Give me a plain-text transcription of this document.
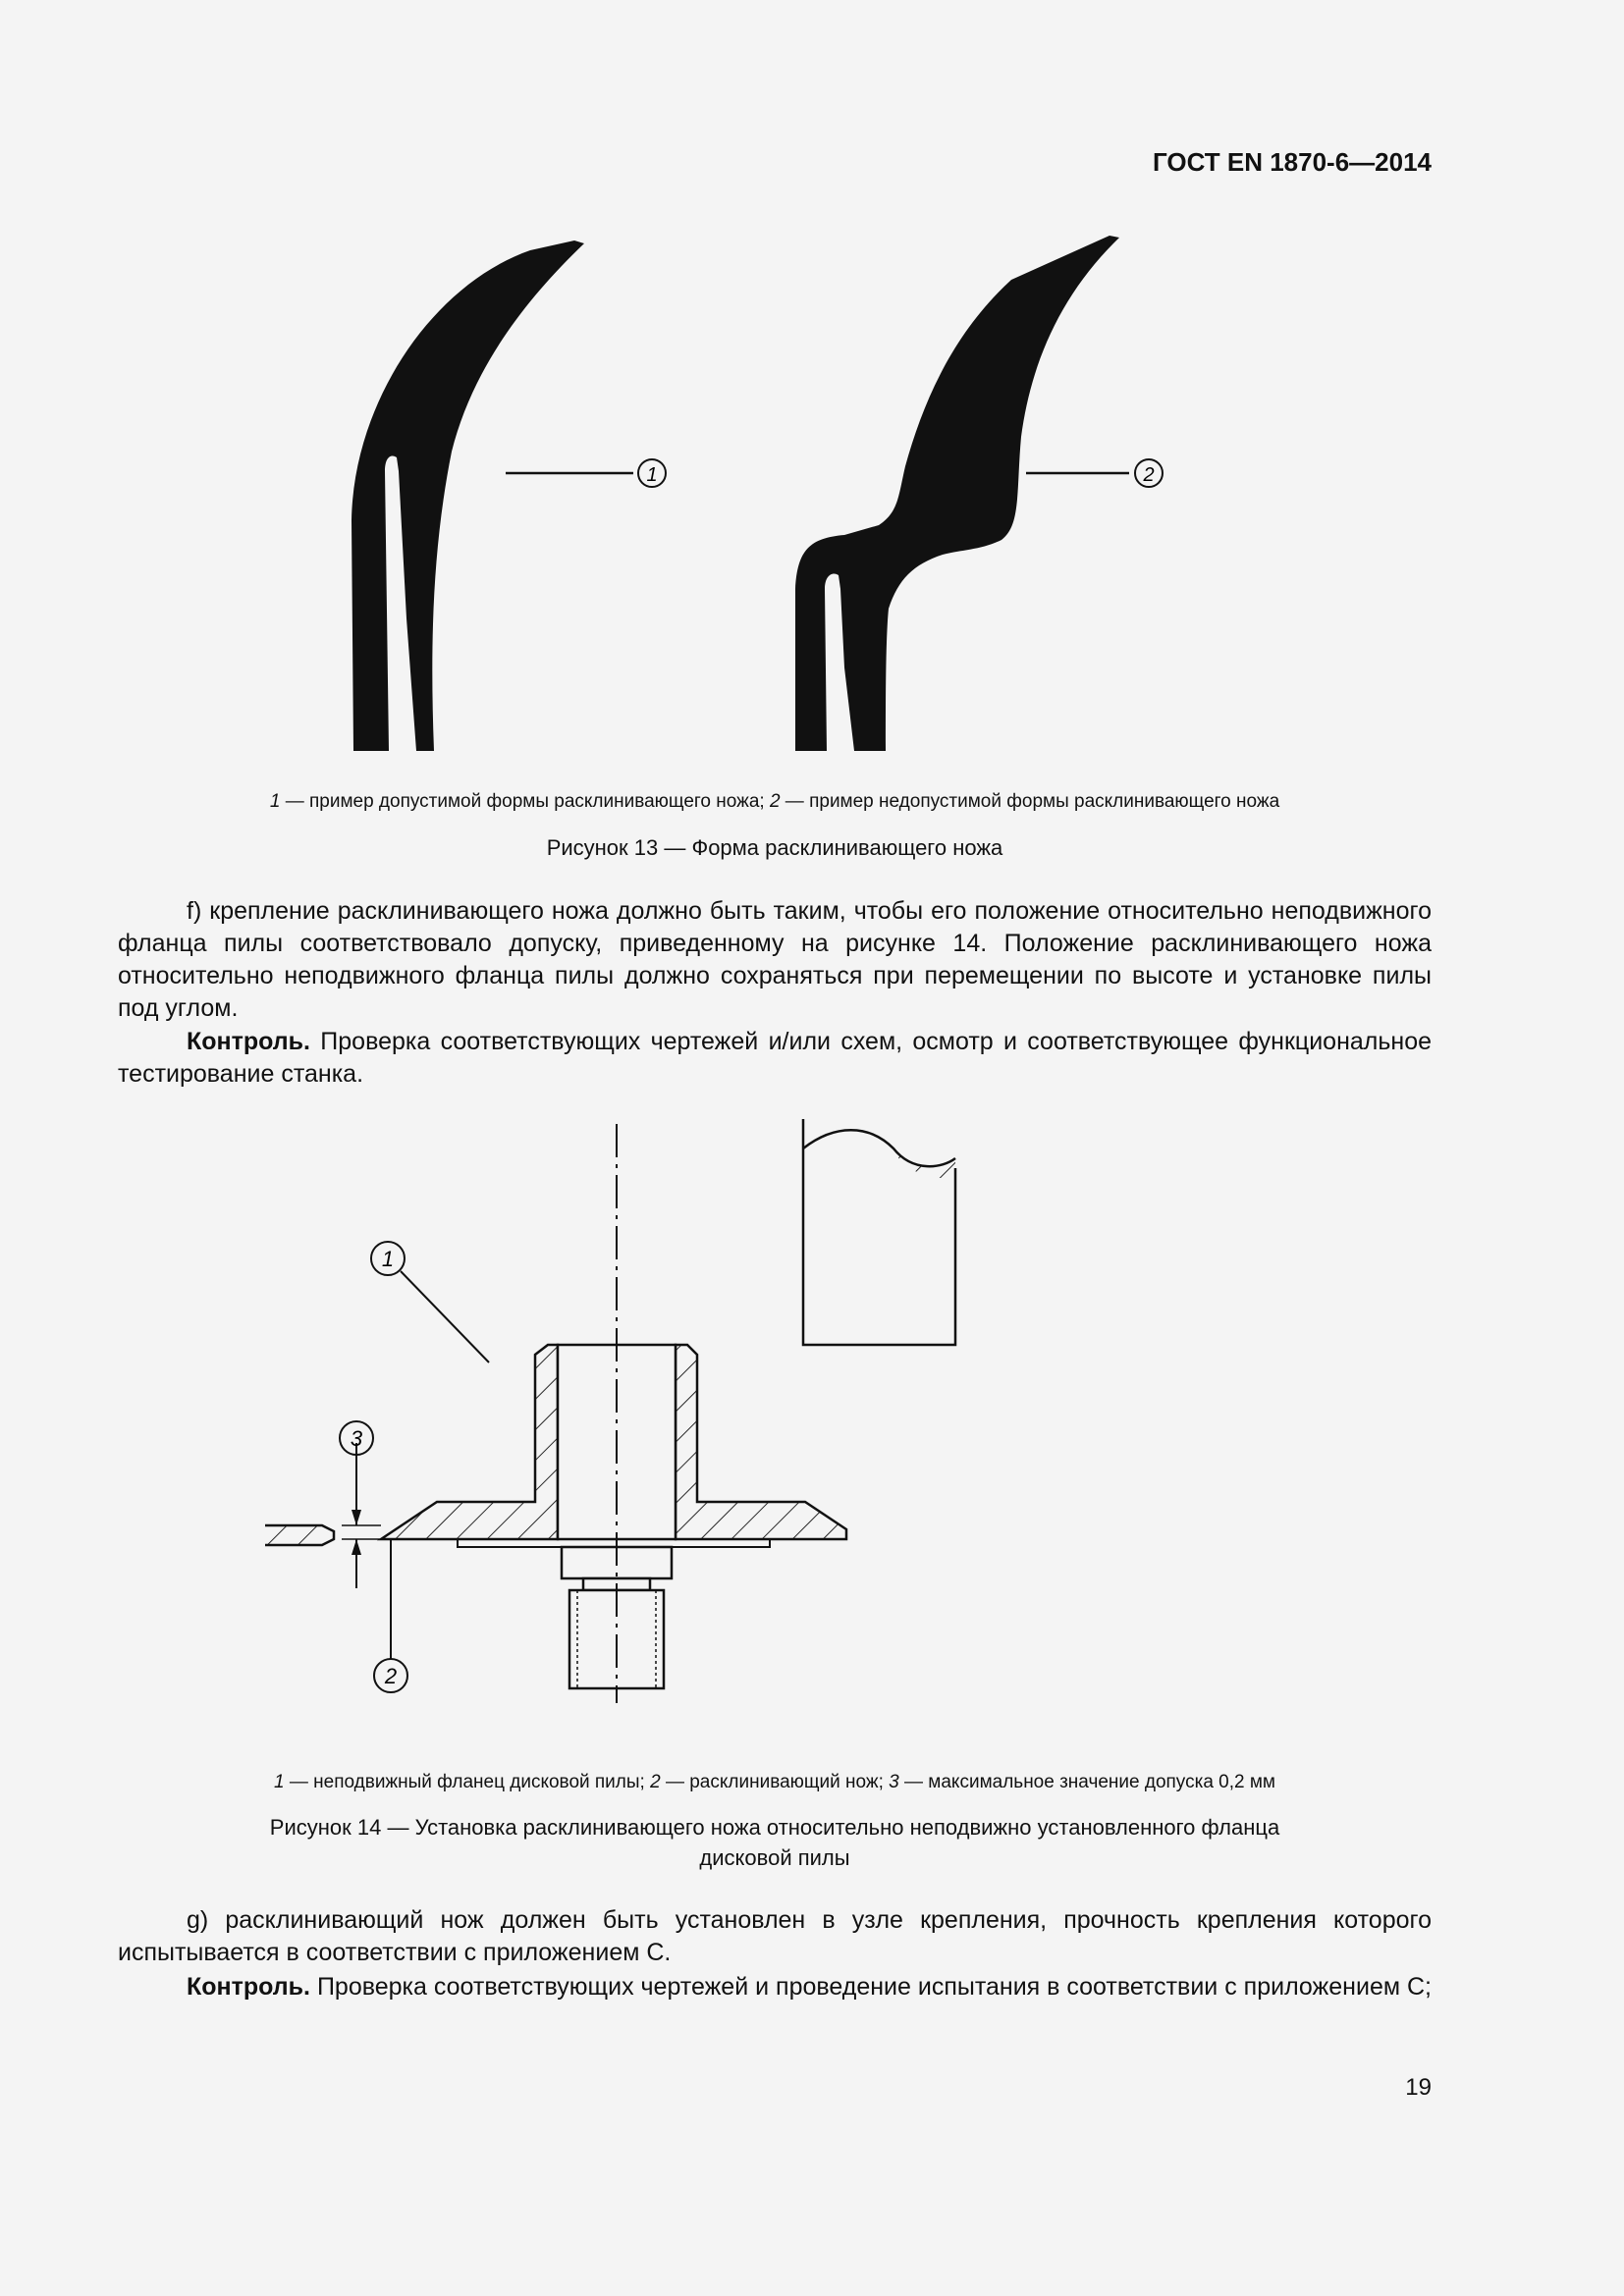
ГОСТ EN 1870-6—2014
1	2
1 — пример допустимой формы расклинивающего ножа; 2 — пример недопустимой формы расклинивающего ножа
Рисунок 13 — Форма расклинивающего ножа

f) крепление расклинивающего ножа должно быть таким, чтобы его положение относительно неподвижного фланца пилы соответствовало допуску, приведенному на рисунке 14. Положение расклинивающего ножа относительно неподвижного фланца пилы должно сохраняться при перемещении по высоте и установке пилы под углом.

Контроль. Проверка соответствующих чертежей и/или схем, осмотр и соответствующее функциональное тестирование станка.

1
2
3
1 — неподвижный фланец дисковой пилы; 2 — расклинивающий нож; 3 — максимальное значение допуска 0,2 мм
Рисунок 14 — Установка расклинивающего ножа относительно неподвижно установленного фланца
дисковой пилы

g) расклинивающий нож должен быть установлен в узле крепления, прочность крепления которого испытывается в соответствии с приложением С.

Контроль. Проверка соответствующих чертежей и проведение испытания в соответствии с приложением С;

19
